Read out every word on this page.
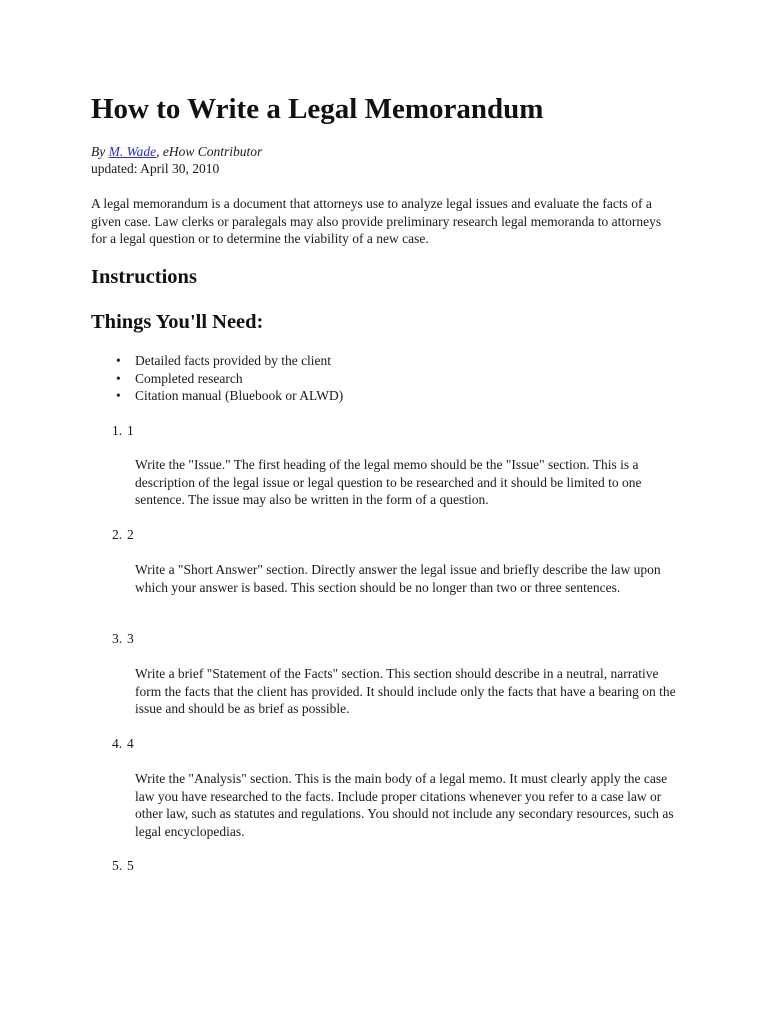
How to Write a Legal Memorandum
By M. Wade, eHow Contributor
updated: April 30, 2010

A legal memorandum is a document that attorneys use to analyze legal issues and evaluate the facts of a given case. Law clerks or paralegals may also provide preliminary research legal memoranda to attorneys for a legal question or to determine the viability of a new case.

Instructions
Things You'll Need:
• Detailed facts provided by the client
• Completed research
• Citation manual (Bluebook or ALWD)
1. 1

Write the "Issue." The first heading of the legal memo should be the "Issue" section. This is a description of the legal issue or legal question to be researched and it should be limited to one sentence. The issue may also be written in the form of a question.

2. 2

Write a "Short Answer" section. Directly answer the legal issue and briefly describe the law upon which your answer is based. This section should be no longer than two or three sentences.

3. 3

Write a brief "Statement of the Facts" section. This section should describe in a neutral, narrative form the facts that the client has provided. It should include only the facts that have a bearing on the issue and should be as brief as possible.

4. 4

Write the "Analysis" section. This is the main body of a legal memo. It must clearly apply the case law you have researched to the facts. Include proper citations whenever you refer to a case law or other law, such as statutes and regulations. You should not include any secondary resources, such as legal encyclopedias.

5. 5
